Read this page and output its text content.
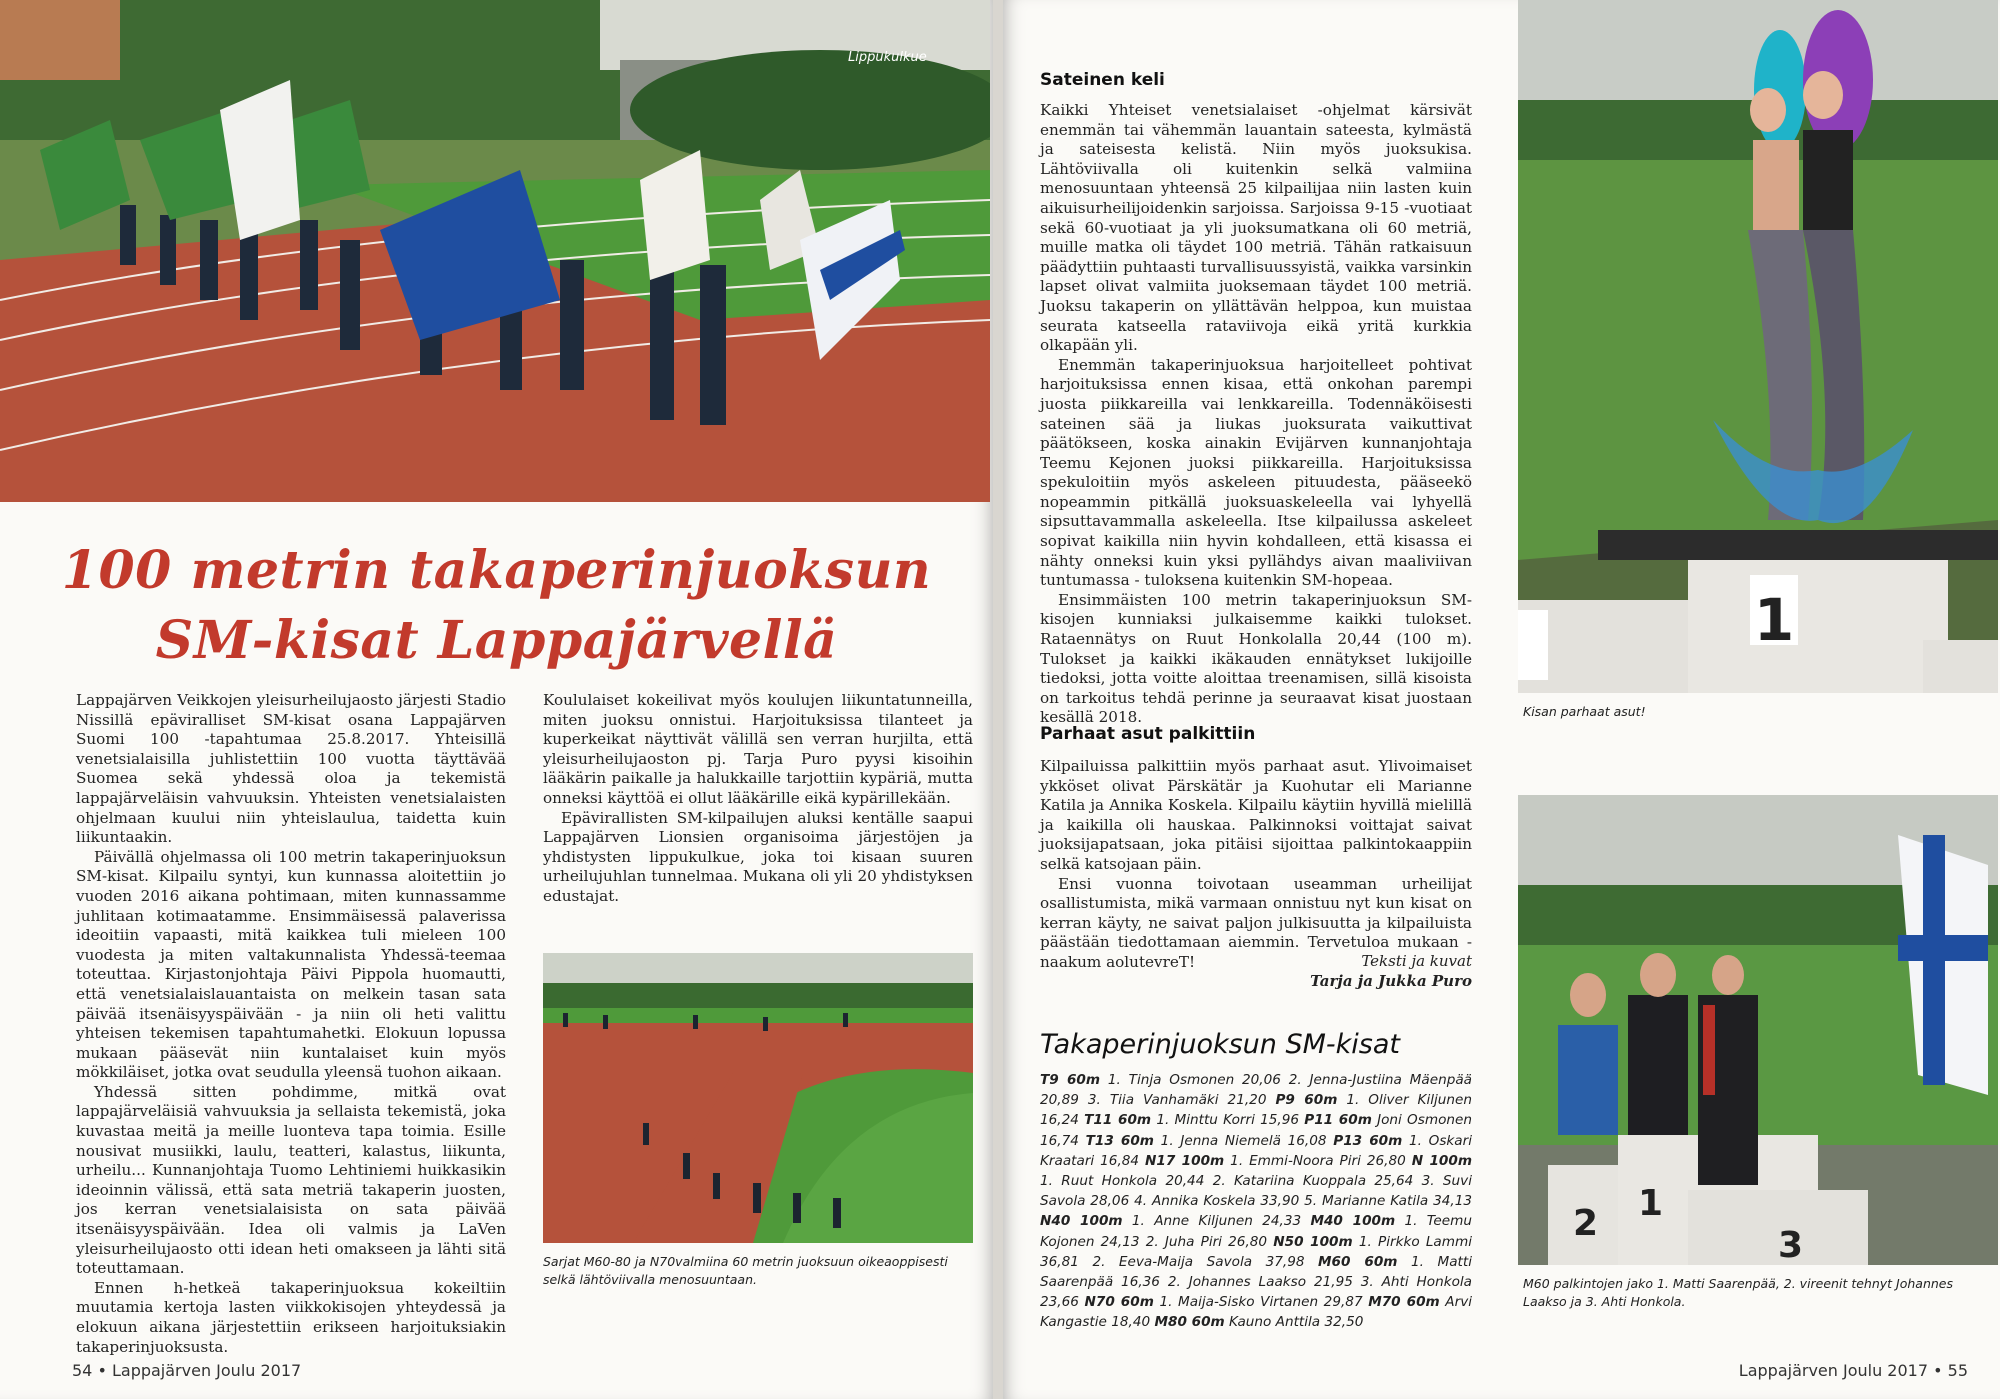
Lippukulkue
100 metrin takaperinjuoksun
SM-kisat Lappajärvellä

Lappajärven Veikkojen yleisurheilujaosto järjesti Stadio Nissillä epäviralliset SM-kisat osana Lappajärven Suomi 100 -tapahtumaa 25.8.2017. Yhteisillä venetsialaisilla juhlistettiin 100 vuotta täyttävää Suomea sekä yhdessä oloa ja tekemistä lappajärveläisin vahvuuksin. Yhteisten venetsialaisten ohjelmaan kuului niin yhteislaulua, taidetta kuin liikuntaakin.

Päivällä ohjelmassa oli 100 metrin takaperinjuoksun SM-kisat. Kilpailu syntyi, kun kunnassa aloitettiin jo vuoden 2016 aikana pohtimaan, miten kunnassamme juhlitaan kotimaatamme. Ensimmäisessä palaverissa ideoitiin vapaasti, mitä kaikkea tuli mieleen 100 vuodesta ja miten valtakunnalista Yhdessä-teemaa toteuttaa. Kirjastonjohtaja Päivi Pippola huomautti, että venetsialaislauantaista on melkein tasan sata päivää itsenäisyyspäivään - ja niin oli heti valittu yhteisen tekemisen tapahtumahetki. Elokuun lopussa mukaan pääsevät niin kuntalaiset kuin myös mökkiläiset, jotka ovat seudulla yleensä tuohon aikaan.

Yhdessä sitten pohdimme, mitkä ovat lappajärveläisiä vahvuuksia ja sellaista tekemistä, joka kuvastaa meitä ja meille luonteva tapa toimia. Esille nousivat musiikki, laulu, teatteri, kalastus, liikunta, urheilu... Kunnanjohtaja Tuomo Lehtiniemi huikkasikin ideoinnin välissä, että sata metriä takaperin juosten, jos kerran venetsialaisista on sata päivää itsenäisyyspäivään. Idea oli valmis ja LaVen yleisurheilujaosto otti idean heti omakseen ja lähti sitä toteuttamaan.

Ennen h-hetkeä takaperinjuoksua kokeiltiin muutamia kertoja lasten viikkokisojen yhteydessä ja elokuun aikana järjestettiin erikseen harjoituksiakin takaperinjuoksusta.

Koululaiset kokeilivat myös koulujen liikuntatunneilla, miten juoksu onnistui. Harjoituksissa tilanteet ja kuperkeikat näyttivät välillä sen verran hurjilta, että yleisurheilujaoston pj. Tarja Puro pyysi kisoihin lääkärin paikalle ja halukkaille tarjottiin kypäriä, mutta onneksi käyttöä ei ollut lääkärille eikä kypärillekään.

Epävirallisten SM-kilpailujen aluksi kentälle saapui Lappajärven Lionsien organisoima järjestöjen ja yhdistysten lippukulkue, joka toi kisaan suuren urheilujuhlan tunnelmaa. Mukana oli yli 20 yhdistyksen edustajat.

Sarjat M60-80 ja N70valmiina 60 metrin juoksuun oikeaoppisesti selkä lähtöviivalla menosuuntaan.
54 • Lappajärven Joulu 2017
Sateinen keli

Kaikki Yhteiset venetsialaiset -ohjelmat kärsivät enemmän tai vähemmän lauantain sateesta, kylmästä ja sateisesta kelistä. Niin myös juoksukisa. Lähtöviivalla oli kuitenkin selkä valmiina menosuuntaan yhteensä 25 kilpailijaa niin lasten kuin aikuisurheilijoidenkin sarjoissa. Sarjoissa 9-15 -vuotiaat sekä 60-vuotiaat ja yli juoksumatkana oli 60 metriä, muille matka oli täydet 100 metriä. Tähän ratkaisuun päädyttiin puhtaasti turvallisuussyistä, vaikka varsinkin lapset olivat valmiita juoksemaan täydet 100 metriä. Juoksu takaperin on yllättävän helppoa, kun muistaa seurata katseella rataviivoja eikä yritä kurkkia olkapään yli.

Enemmän takaperinjuoksua harjoitelleet pohtivat harjoituksissa ennen kisaa, että onkohan parempi juosta piikkareilla vai lenkkareilla. Todennäköisesti sateinen sää ja liukas juoksurata vaikuttivat päätökseen, koska ainakin Evijärven kunnanjohtaja Teemu Kejonen juoksi piikkareilla. Harjoituksissa spekuloitiin myös askeleen pituudesta, pääseekö nopeammin pitkällä juoksuaskeleella vai lyhyellä sipsuttavammalla askeleella. Itse kilpailussa askeleet sopivat kaikilla niin hyvin kohdalleen, että kisassa ei nähty onneksi kuin yksi pyllähdys aivan maaliviivan tuntumassa - tuloksena kuitenkin SM-hopeaa.

Ensimmäisten 100 metrin takaperinjuoksun SM-kisojen kunniaksi julkaisemme kaikki tulokset. Rataennätys on Ruut Honkolalla 20,44 (100 m). Tulokset ja kaikki ikäkauden ennätykset lukijoille tiedoksi, jotta voitte aloittaa treenamisen, sillä kisoista on tarkoitus tehdä perinne ja seuraavat kisat juostaan kesällä 2018.

Parhaat asut palkittiin

Kilpailuissa palkittiin myös parhaat asut. Ylivoimaiset ykköset olivat Pärskätär ja Kuohutar eli Marianne Katila ja Annika Koskela. Kilpailu käytiin hyvillä mielillä ja kaikilla oli hauskaa. Palkinnoksi voittajat saivat juoksijapatsaan, joka pitäisi sijoittaa palkintokaappiin selkä katsojaan päin.

Ensi vuonna toivotaan useamman urheilijat osallistumista, mikä varmaan onnistuu nyt kun kisat on kerran käyty, ne saivat paljon julkisuutta ja kilpailuista päästään tiedottamaan aiemmin. Tervetuloa mukaan - naakum aolutevreT!	Teksti ja kuvat
Tarja ja Jukka Puro
Takaperinjuoksun SM-kisat
T9 60m 1. Tinja Osmonen 20,06 2. Jenna-Justiina Mäenpää 20,89 3. Tiia Vanhamäki 21,20 P9 60m 1. Oliver Kiljunen 16,24 T11 60m 1. Minttu Korri 15,96 P11 60m Joni Osmonen 16,74 T13 60m 1. Jenna Niemelä 16,08 P13 60m 1. Oskari Kraatari 16,84 N17 100m 1. Emmi-Noora Piri 26,80 N 100m 1. Ruut Honkola 20,44 2. Katariina Kuoppala 25,64 3. Suvi Savola 28,06 4. Annika Koskela 33,90 5. Marianne Katila 34,13 N40 100m 1. Anne Kiljunen 24,33 M40 100m 1. Teemu Kojonen 24,13 2. Juha Piri 26,80 N50 100m 1. Pirkko Lammi 36,81 2. Eeva-Maija Savola 37,98 M60 60m 1. Matti Saarenpää 16,36 2. Johannes Laakso 21,95 3. Ahti Honkola 23,66 N70 60m 1. Maija-Sisko Virtanen 29,87 M70 60m Arvi Kangastie 18,40 M80 60m Kauno Anttila 32,50
1
Kisan parhaat asut!
2 1
3
M60 palkintojen jako 1. Matti Saarenpää, 2. vireenit tehnyt Johannes Laakso ja 3. Ahti Honkola.
Lappajärven Joulu 2017 • 55
